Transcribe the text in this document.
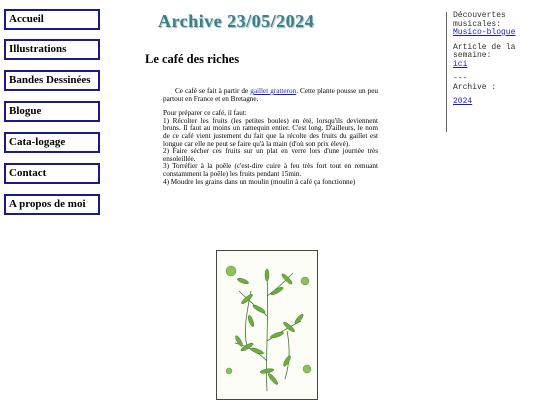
Accueil
Illustrations
Bandes Dessinées
Blogue
Cata-logage
Contact
A propos de moi
Archive 23/05/2024
Le café des riches

Ce café se fait à partir de gaillet gratteron. Cette plante pousse un peu partout en France et en Bretagne.

Pour préparer ce café, il faut:
1) Récolter les fruits (les petites boules) en été, lorsqu'ils deviennent bruns. Il faut au moins un ramequin entier. C'est long. D'ailleurs, le nom de ce café vient justement du fait que la récolte des fruits du gaillet est longue car elle ne peut se faire qu'à la main (d'où son prix élevé).
2) Faire sécher ces fruits sur un plat en verre lors d'une journée très ensoleillée.
3) Torréfier à la poêle (c'est-dire cuire à feu très fort tout en remuant constamment la poêle) les fruits pendant 15min.
4) Moudre les grains dans un moulin (moulin à café ça fonctionne)

Découvertes musicales:
Musico-blogue

Article de la semaine:
ici

---
Archive :

2024
